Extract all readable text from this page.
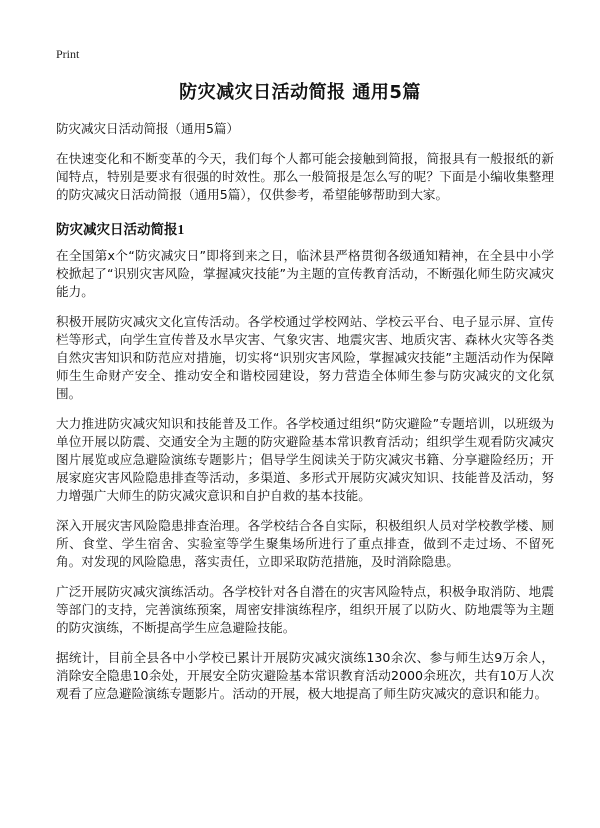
Print
防灾减灾日活动简报 通用5篇
防灾减灾日活动简报（通用5篇）

在快速变化和不断变革的今天，我们每个人都可能会接触到简报，简报具有一般报纸的新闻特点，特别是要求有很强的时效性。那么一般简报是怎么写的呢？下面是小编收集整理的防灾减灾日活动简报（通用5篇），仅供参考，希望能够帮助到大家。

防灾减灾日活动简报1

在全国第x个“防灾减灾日”即将到来之日，临沭县严格贯彻各级通知精神，在全县中小学校掀起了“识别灾害风险，掌握减灾技能”为主题的宣传教育活动，不断强化师生防灾减灾能力。

积极开展防灾减灾文化宣传活动。各学校通过学校网站、学校云平台、电子显示屏、宣传栏等形式，向学生宣传普及水旱灾害、气象灾害、地震灾害、地质灾害、森林火灾等各类自然灾害知识和防范应对措施，切实将“识别灾害风险，掌握减灾技能”主题活动作为保障师生生命财产安全、推动安全和谐校园建设，努力营造全体师生参与防灾减灾的文化氛围。

大力推进防灾减灾知识和技能普及工作。各学校通过组织“防灾避险”专题培训，以班级为单位开展以防震、交通安全为主题的防灾避险基本常识教育活动；组织学生观看防灾减灾图片展览或应急避险演练专题影片；倡导学生阅读关于防灾减灾书籍、分享避险经历；开展家庭灾害风险隐患排查等活动，多渠道、多形式开展防灾减灾知识、技能普及活动，努力增强广大师生的防灾减灾意识和自护自救的基本技能。

深入开展灾害风险隐患排查治理。各学校结合各自实际，积极组织人员对学校教学楼、厕所、食堂、学生宿舍、实验室等学生聚集场所进行了重点排查，做到不走过场、不留死角。对发现的风险隐患，落实责任，立即采取防范措施，及时消除隐患。

广泛开展防灾减灾演练活动。各学校针对各自潜在的灾害风险特点，积极争取消防、地震等部门的支持，完善演练预案，周密安排演练程序，组织开展了以防火、防地震等为主题的防灾演练，不断提高学生应急避险技能。

据统计，目前全县各中小学校已累计开展防灾减灾演练130余次、参与师生达9万余人，消除安全隐患10余处，开展安全防灾避险基本常识教育活动2000余班次，共有10万人次观看了应急避险演练专题影片。活动的开展，极大地提高了师生防灾减灾的意识和能力。
